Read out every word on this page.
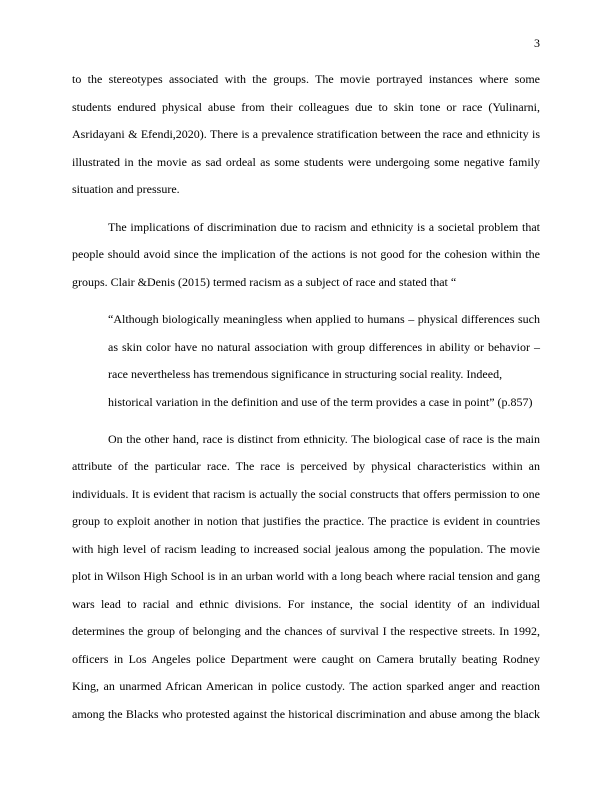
3
to the stereotypes associated with the groups. The movie portrayed instances where some
students endured physical abuse from their colleagues due to skin tone or race (Yulinarni,
Asridayani & Efendi,2020). There is a prevalence stratification between the race and ethnicity is
illustrated in the movie as sad ordeal as some students were undergoing some negative family
situation and pressure.
The implications of discrimination due to racism and ethnicity is a societal problem that
people should avoid since the implication of the actions is not good for the cohesion within the
groups. Clair &Denis (2015) termed racism as a subject of race and stated that “
“Although biologically meaningless when applied to humans – physical differences such
as skin color have no natural association with group differences in ability or behavior –
race nevertheless has tremendous significance in structuring social reality. Indeed,
historical variation in the definition and use of the term provides a case in point” (p.857)
On the other hand, race is distinct from ethnicity. The biological case of race is the main
attribute of the particular race. The race is perceived by physical characteristics within an
individuals. It is evident that racism is actually the social constructs that offers permission to one
group to exploit another in notion that justifies the practice. The practice is evident in countries
with high level of racism leading to increased social jealous among the population. The movie
plot in Wilson High School is in an urban world with a long beach where racial tension and gang
wars lead to racial and ethnic divisions. For instance, the social identity of an individual
determines the group of belonging and the chances of survival I the respective streets. In 1992,
officers in Los Angeles police Department were caught on Camera brutally beating Rodney
King, an unarmed African American in police custody. The action sparked anger and reaction
among the Blacks who protested against the historical discrimination and abuse among the black
